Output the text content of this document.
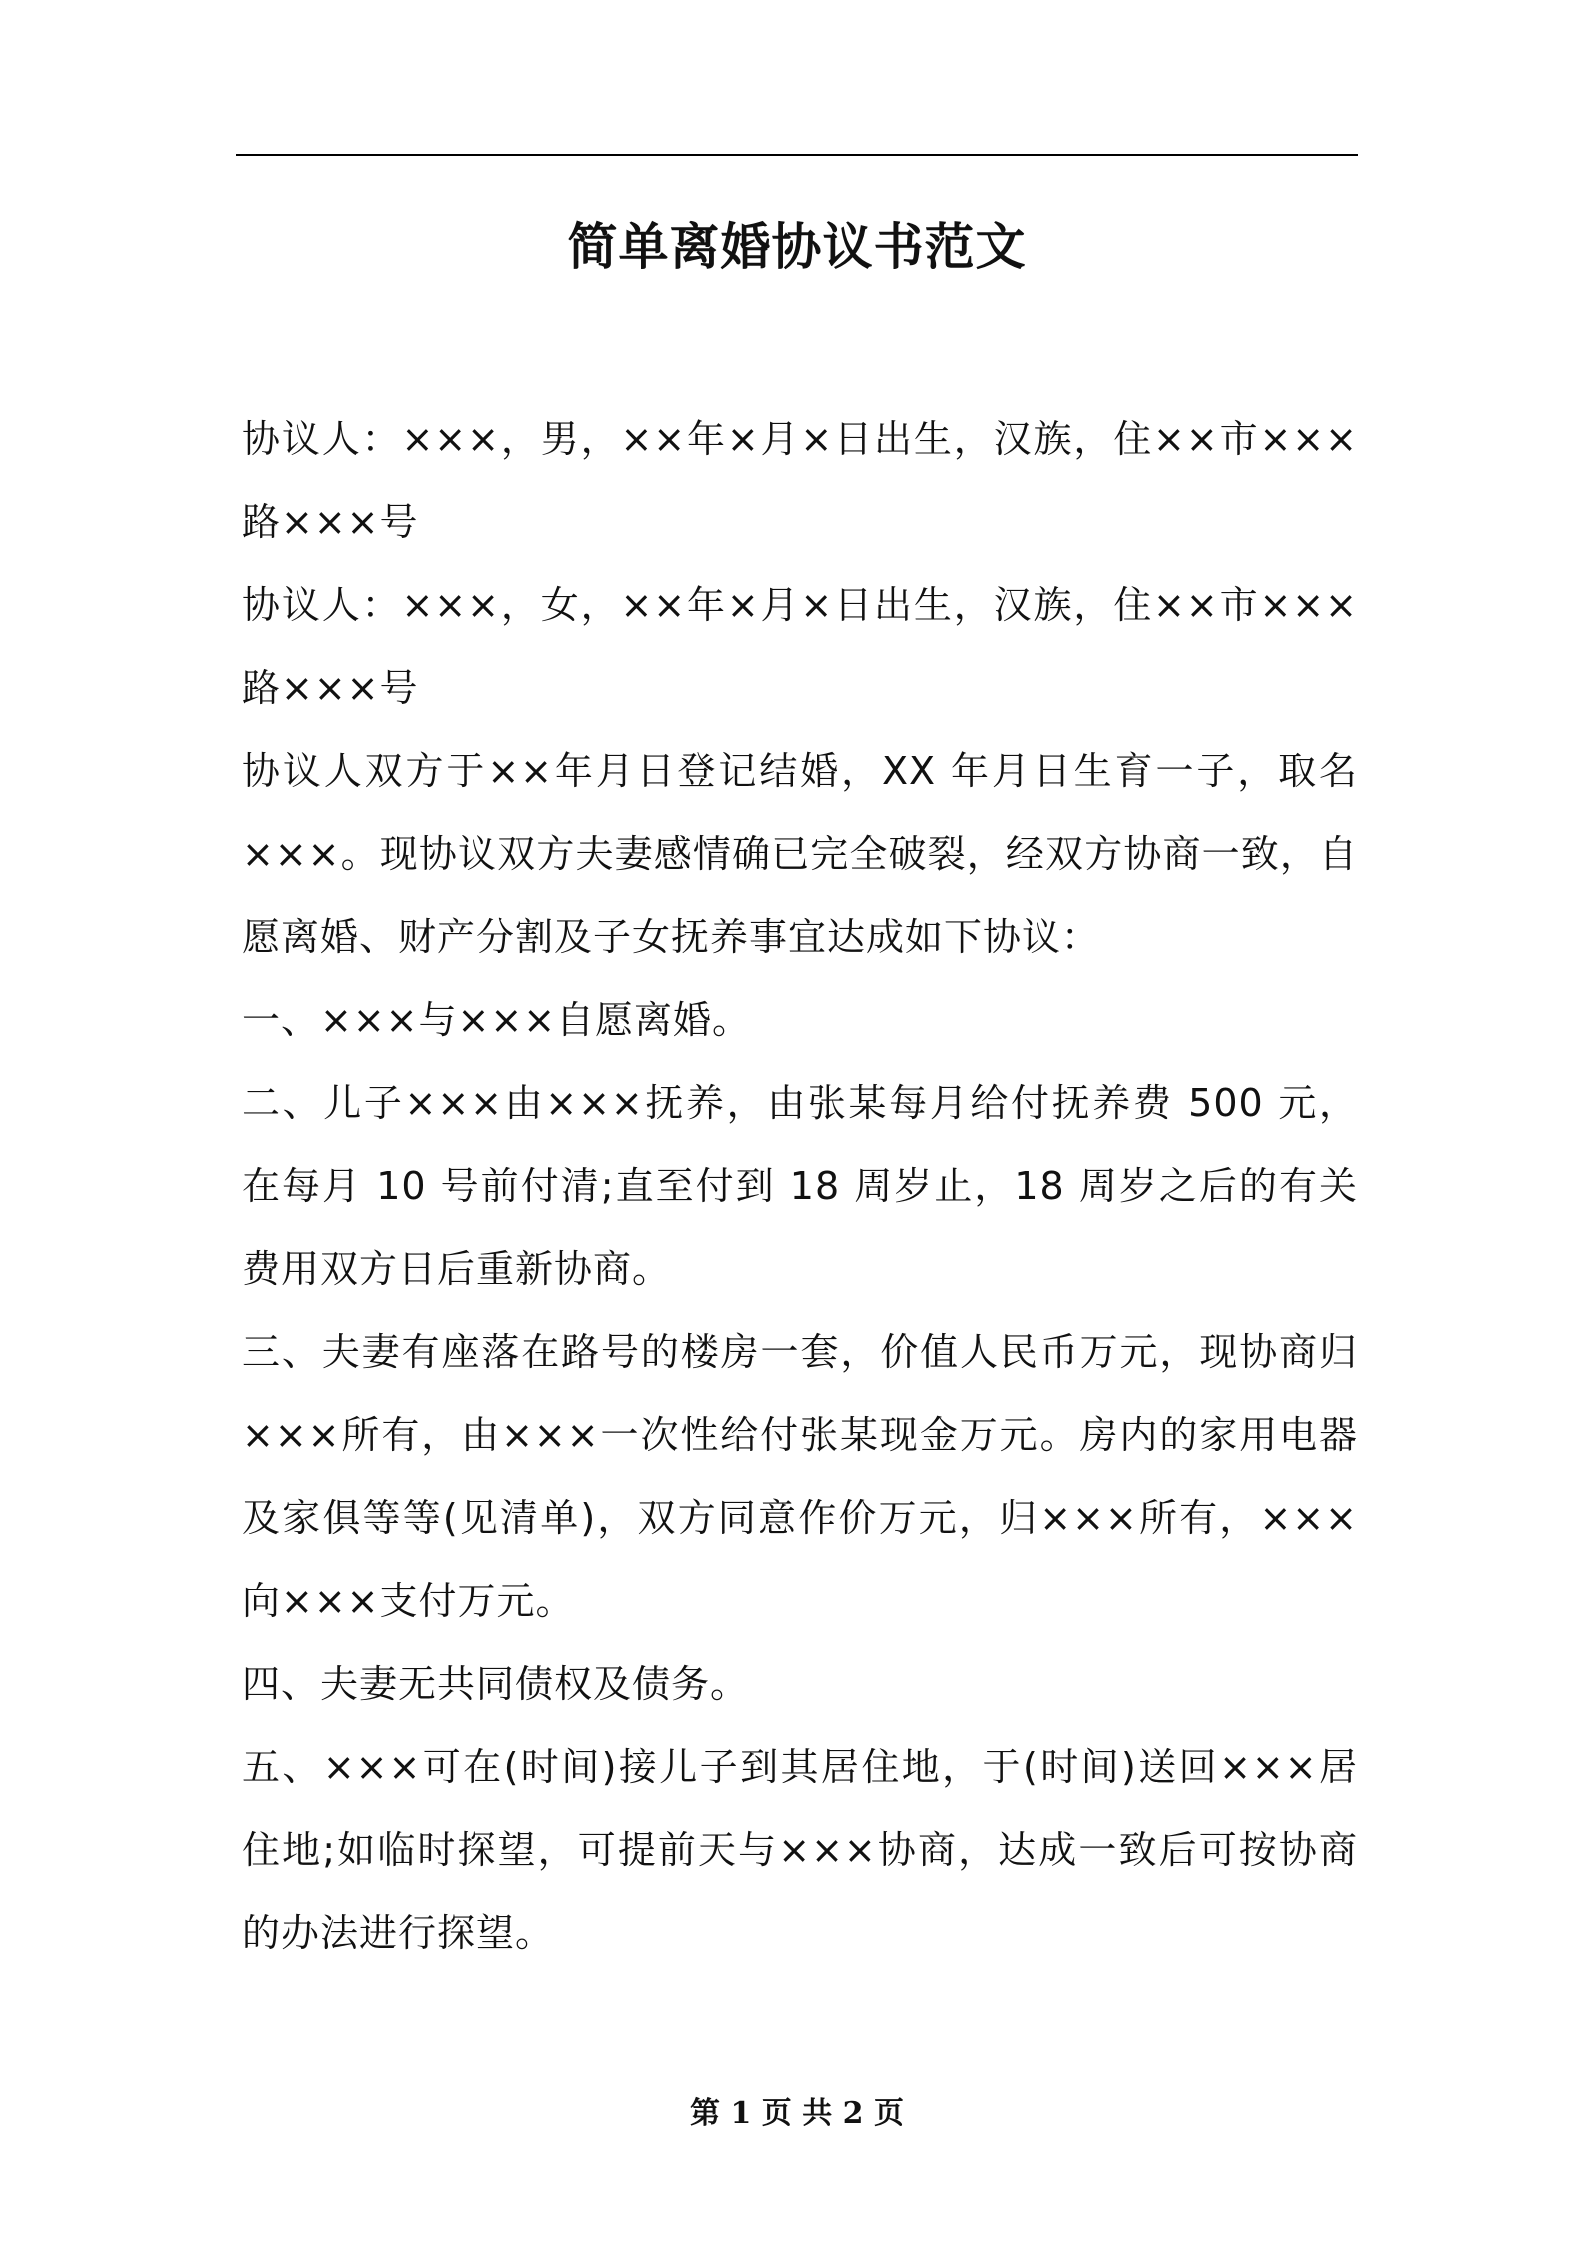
简单离婚协议书范文

协议人：×××，男，××年×月×日出生，汉族，住××市×××路×××号

协议人：×××，女，××年×月×日出生，汉族，住××市×××路×××号

协议人双方于××年月日登记结婚，XX 年月日生育一子，取名×××。现协议双方夫妻感情确已完全破裂，经双方协商一致，自愿离婚、财产分割及子女抚养事宜达成如下协议：

一、×××与×××自愿离婚。

二、儿子×××由×××抚养，由张某每月给付抚养费 500 元，在每月 10 号前付清;直至付到 18 周岁止，18 周岁之后的有关费用双方日后重新协商。

三、夫妻有座落在路号的楼房一套，价值人民币万元，现协商归×××所有，由×××一次性给付张某现金万元。房内的家用电器及家俱等等(见清单)，双方同意作价万元，归×××所有，×××向×××支付万元。

四、夫妻无共同债权及债务。

五、×××可在(时间)接儿子到其居住地，于(时间)送回×××居住地;如临时探望，可提前天与×××协商，达成一致后可按协商的办法进行探望。

第 1 页 共 2 页
